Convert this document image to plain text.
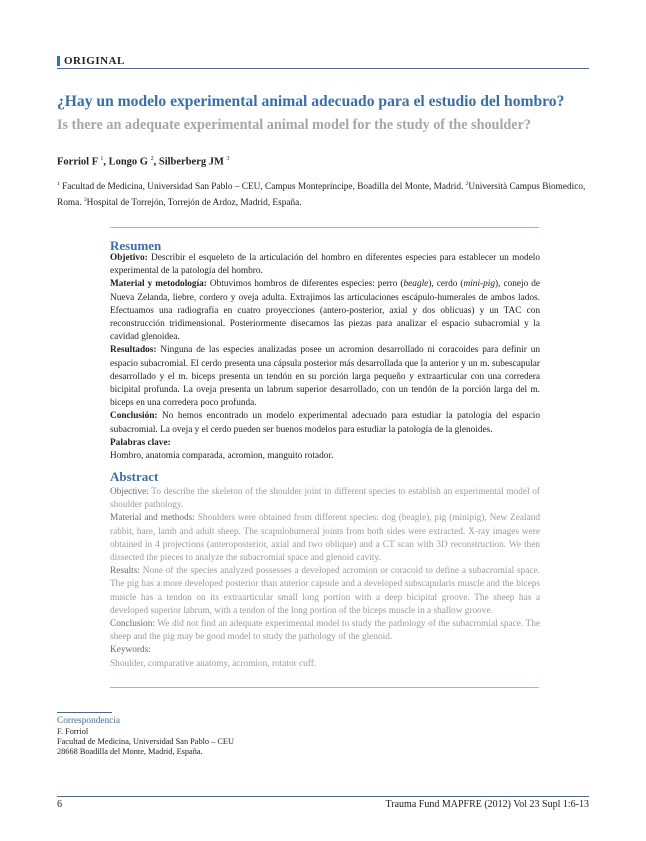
ORIGINAL
¿Hay un modelo experimental animal adecuado para el estudio del hombro?
Is there an adequate experimental animal model for the study of the shoulder?
Forriol F $^1$, Longo G $^2$, Silberberg JM $^3$
$^1$ Facultad de Medicina, Universidad San Pablo – CEU, Campus Montepríncipe, Boadilla del Monte, Madrid. $^2$Università Campus Biomedico, Roma. $^3$Hospital de Torrejón, Torrejón de Ardoz, Madrid, España.
Resumen

Objetivo: Describir el esqueleto de la articulación del hombro en diferentes especies para establecer un modelo experimental de la patología del hombro.

Material y metodología: Obtuvimos hombros de diferentes especies: perro (beagle), cerdo (mini-pig), conejo de Nueva Zelanda, liebre, cordero y oveja adulta. Extrajimos las articulaciones escápulo-humerales de ambos lados. Efectuamos una radiografía en cuatro proyecciones (antero-posterior, axial y dos oblicuas) y un TAC con reconstrucción tridimensional. Posteriormente disecamos las piezas para analizar el espacio subacromial y la cavidad glenoidea.

Resultados: Ninguna de las especies analizadas posee un acromion desarrollado ni coracoides para definir un espacio subacromial. El cerdo presenta una cápsula posterior más desarrollada que la anterior y un m. subescapular desarrollado y el m. biceps presenta un tendón en su porción larga pequeño y extraarticular con una corredera bicipital profunda. La oveja presenta un labrum superior desarrollado, con un tendón de la porción larga del m. biceps en una corredera poco profunda.

Conclusión: No hemos encontrado un modelo experimental adecuado para estudiar la patología del espacio subacromial. La oveja y el cerdo pueden ser buenos modelos para estudiar la patología de la glenoides.

Palabras clave:

Hombro, anatomía comparada, acromion, manguito rotador.

Abstract

Objective: To describe the skeleton of the shoulder joint in different species to establish an experimental model of shoulder pathology.

Material and methods: Shoulders were obtained from different species: dog (beagle), pig (minipig), New Zealand rabbit, hare, lamb and adult sheep. The scapulohumeral joints from both sides were extracted. X-ray images were obtained in 4 projections (anteroposterior, axial and two oblique) and a CT scan with 3D reconstruction. We then dissected the pieces to analyze the subacromial space and glenoid cavity.

Results: None of the species analyzed possesses a developed acromion or coracoid to define a subacromial space. The pig has a more developed posterior than anterior capsule and a developed subscapularis muscle and the biceps muscle has a tendon on its extraarticular small long portion with a deep bicipital groove. The sheep has a developed superior labrum, with a tendon of the long portion of the biceps muscle in a shallow groove.

Conclusion: We did not find an adequate experimental model to study the pathology of the subacromial space. The sheep and the pig may be good model to study the pathology of the glenoid.

Keywords:

Shoulder, comparative anatomy, acromion, rotator cuff.

Correspondencia
F. Forriol
Facultad de Medicina, Universidad San Pablo – CEU
28668 Boadilla del Monte, Madrid, España.
6	Trauma Fund MAPFRE (2012) Vol 23 Supl 1:6-13
